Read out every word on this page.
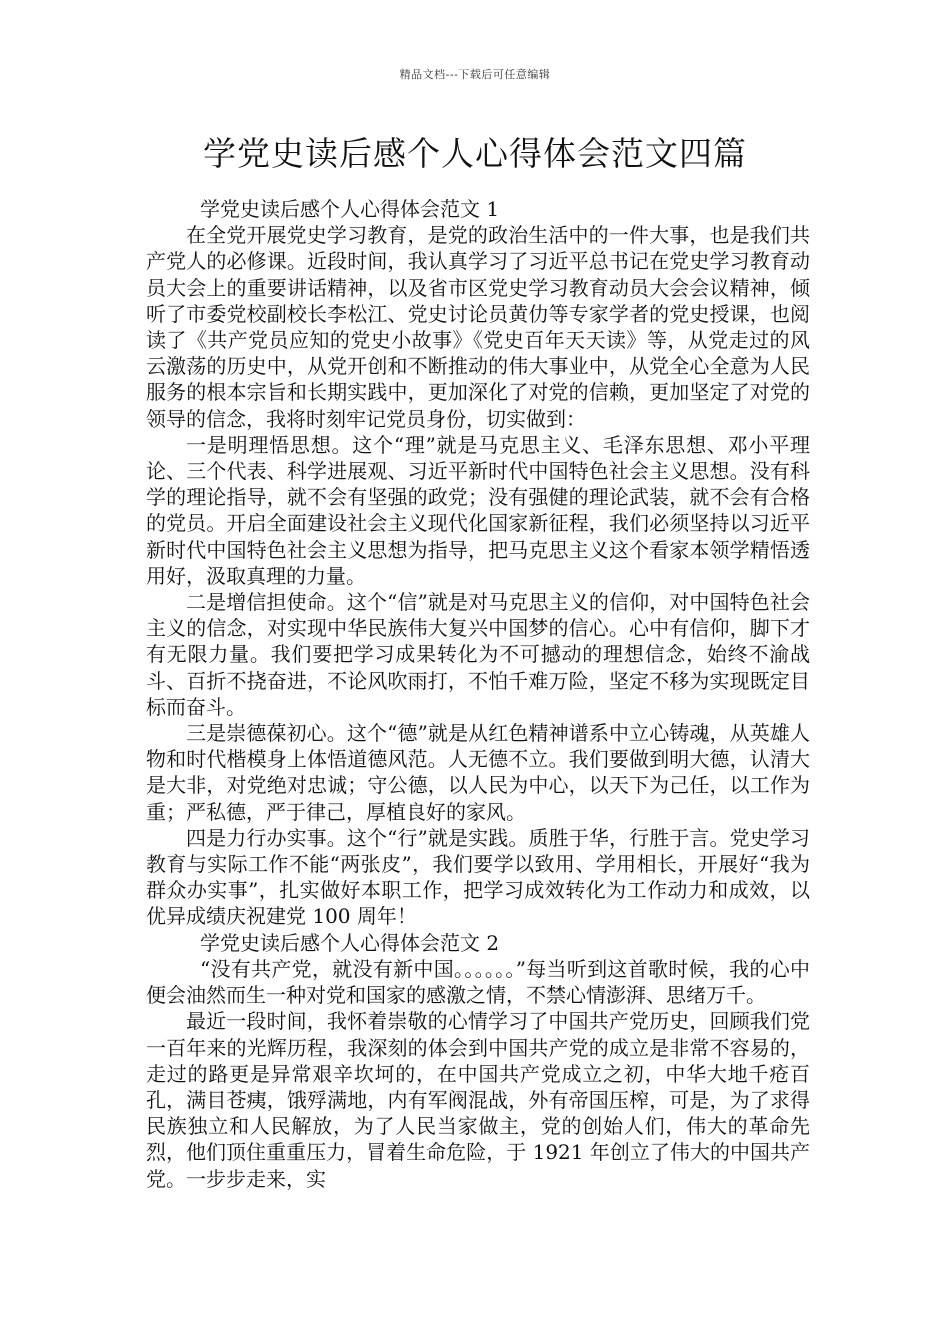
精品文档---下载后可任意编辑
学党史读后感个人心得体会范文四篇

学党史读后感个人心得体会范文 1

在全党开展党史学习教育，是党的政治生活中的一件大事，也是我们共产党人的必修课。近段时间，我认真学习了习近平总书记在党史学习教育动员大会上的重要讲话精神，以及省市区党史学习教育动员大会会议精神，倾听了市委党校副校长李松江、党史讨论员黄仂等专家学者的党史授课，也阅读了《共产党员应知的党史小故事》《党史百年天天读》等，从党走过的风云激荡的历史中，从党开创和不断推动的伟大事业中，从党全心全意为人民服务的根本宗旨和长期实践中，更加深化了对党的信赖，更加坚定了对党的领导的信念，我将时刻牢记党员身份，切实做到：

一是明理悟思想。这个“理”就是马克思主义、毛泽东思想、邓小平理论、三个代表、科学进展观、习近平新时代中国特色社会主义思想。没有科学的理论指导，就不会有坚强的政党；没有强健的理论武装，就不会有合格的党员。开启全面建设社会主义现代化国家新征程，我们必须坚持以习近平新时代中国特色社会主义思想为指导，把马克思主义这个看家本领学精悟透用好，汲取真理的力量。

二是增信担使命。这个“信”就是对马克思主义的信仰，对中国特色社会主义的信念，对实现中华民族伟大复兴中国梦的信心。心中有信仰，脚下才有无限力量。我们要把学习成果转化为不可撼动的理想信念，始终不渝战斗、百折不挠奋进，不论风吹雨打，不怕千难万险，坚定不移为实现既定目标而奋斗。

三是崇德葆初心。这个“德”就是从红色精神谱系中立心铸魂，从英雄人物和时代楷模身上体悟道德风范。人无德不立。我们要做到明大德，认清大是大非，对党绝对忠诚；守公德，以人民为中心，以天下为己任，以工作为重；严私德，严于律己，厚植良好的家风。

四是力行办实事。这个“行”就是实践。质胜于华，行胜于言。党史学习教育与实际工作不能“两张皮”，我们要学以致用、学用相长，开展好“我为群众办实事”，扎实做好本职工作，把学习成效转化为工作动力和成效，以优异成绩庆祝建党 100 周年！

学党史读后感个人心得体会范文 2

“没有共产党，就没有新中国。。。。。。”每当听到这首歌时候，我的心中便会油然而生一种对党和国家的感激之情，不禁心情澎湃、思绪万千。

最近一段时间，我怀着崇敬的心情学习了中国共产党历史，回顾我们党一百年来的光辉历程，我深刻的体会到中国共产党的成立是非常不容易的，走过的路更是异常艰辛坎坷的，在中国共产党成立之初，中华大地千疮百孔，满目苍痍，饿殍满地，内有军阀混战，外有帝国压榨，可是，为了求得民族独立和人民解放，为了人民当家做主，党的创始人们，伟大的革命先烈，他们顶住重重压力，冒着生命危险，于 1921 年创立了伟大的中国共产党。一步步走来，实
